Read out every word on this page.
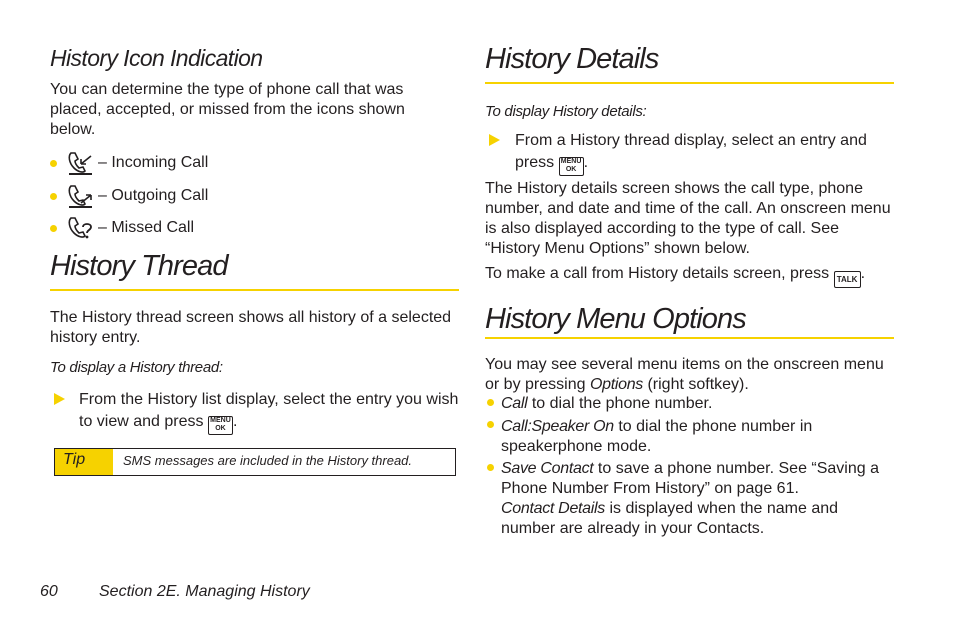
History Icon Indication
You can determine the type of phone call that was placed, accepted, or missed from the icons shown below.
– Incoming Call
– Outgoing Call
– Missed Call
History Thread
The History thread screen shows all history of a selected history entry.
To display a History thread:
From the History list display, select the entry you wish to view and press MENU
OK .
Tip	SMS messages are included in the History thread.
History Details
To display History details:
From a History thread display, select an entry and press MENU
OK .
The History details screen shows the call type, phone number, and date and time of the call. An onscreen menu is also displayed according to the type of call. See “History Menu Options” shown below.
To make a call from History details screen, press TALK .
History Menu Options
You may see several menu items on the onscreen menu or by pressing Options (right softkey).
Call to dial the phone number.
Call:Speaker On to dial the phone number in speakerphone mode.
Save Contact to save a phone number. See “Saving a Phone Number From History” on page 61.
Contact Details is displayed when the name and number are already in your Contacts.
60	Section 2E. Managing History
